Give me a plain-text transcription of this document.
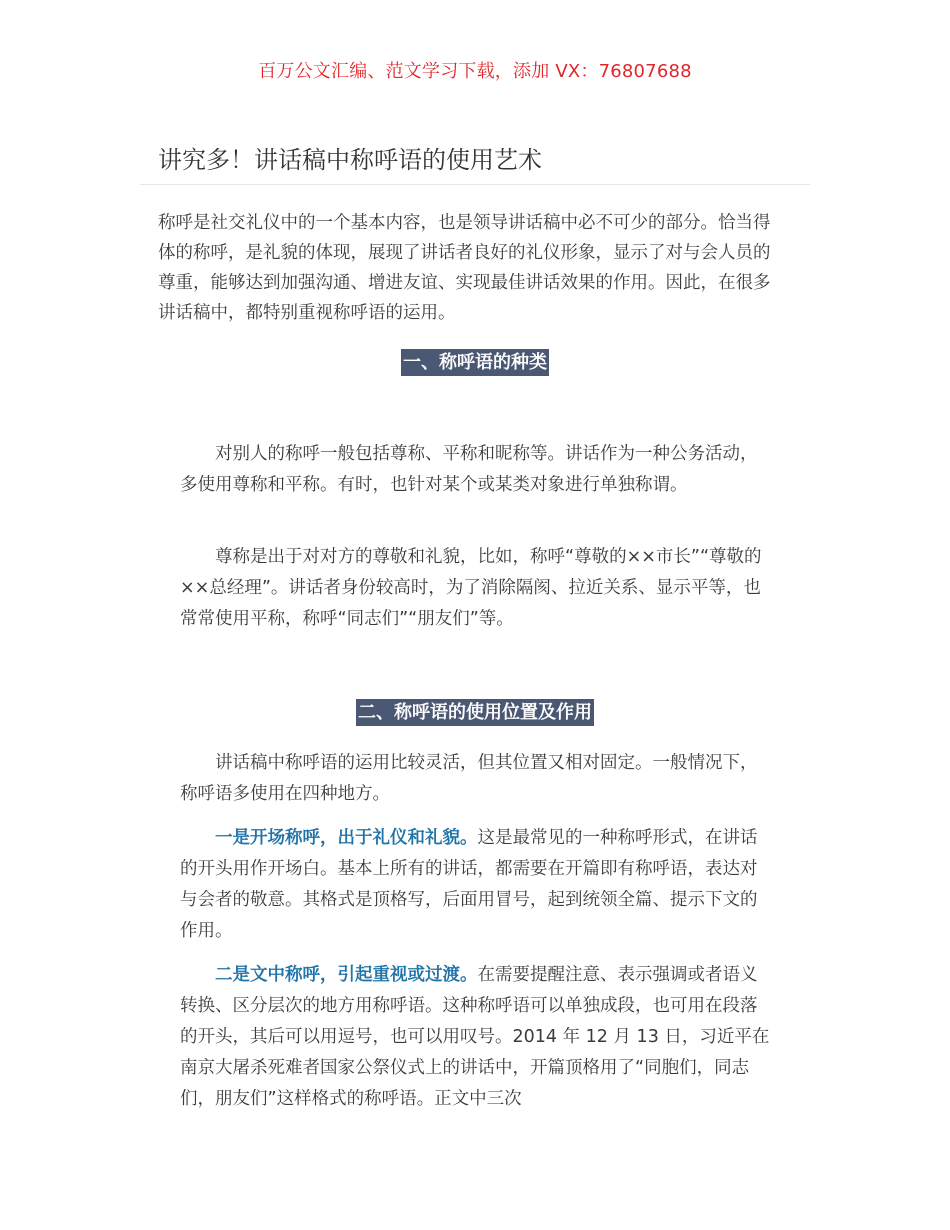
百万公文汇编、范文学习下载，添加 VX：76807688
讲究多！讲话稿中称呼语的使用艺术

称呼是社交礼仪中的一个基本内容，也是领导讲话稿中必不可少的部分。恰当得体的称呼，是礼貌的体现，展现了讲话者良好的礼仪形象，显示了对与会人员的尊重，能够达到加强沟通、增进友谊、实现最佳讲话效果的作用。因此，在很多讲话稿中，都特别重视称呼语的运用。

一、称呼语的种类

对别人的称呼一般包括尊称、平称和昵称等。讲话作为一种公务活动，多使用尊称和平称。有时，也针对某个或某类对象进行单独称谓。

尊称是出于对对方的尊敬和礼貌，比如，称呼“尊敬的××市长”“尊敬的××总经理”。讲话者身份较高时，为了消除隔阂、拉近关系、显示平等，也常常使用平称，称呼“同志们”“朋友们”等。

二、称呼语的使用位置及作用

讲话稿中称呼语的运用比较灵活，但其位置又相对固定。一般情况下，称呼语多使用在四种地方。

一是开场称呼，出于礼仪和礼貌。这是最常见的一种称呼形式，在讲话的开头用作开场白。基本上所有的讲话，都需要在开篇即有称呼语，表达对与会者的敬意。其格式是顶格写，后面用冒号，起到统领全篇、提示下文的作用。

二是文中称呼，引起重视或过渡。在需要提醒注意、表示强调或者语义转换、区分层次的地方用称呼语。这种称呼语可以单独成段，也可用在段落的开头，其后可以用逗号，也可以用叹号。2014 年 12 月 13 日，习近平在南京大屠杀死难者国家公祭仪式上的讲话中，开篇顶格用了“同胞们，同志们，朋友们”这样格式的称呼语。正文中三次
